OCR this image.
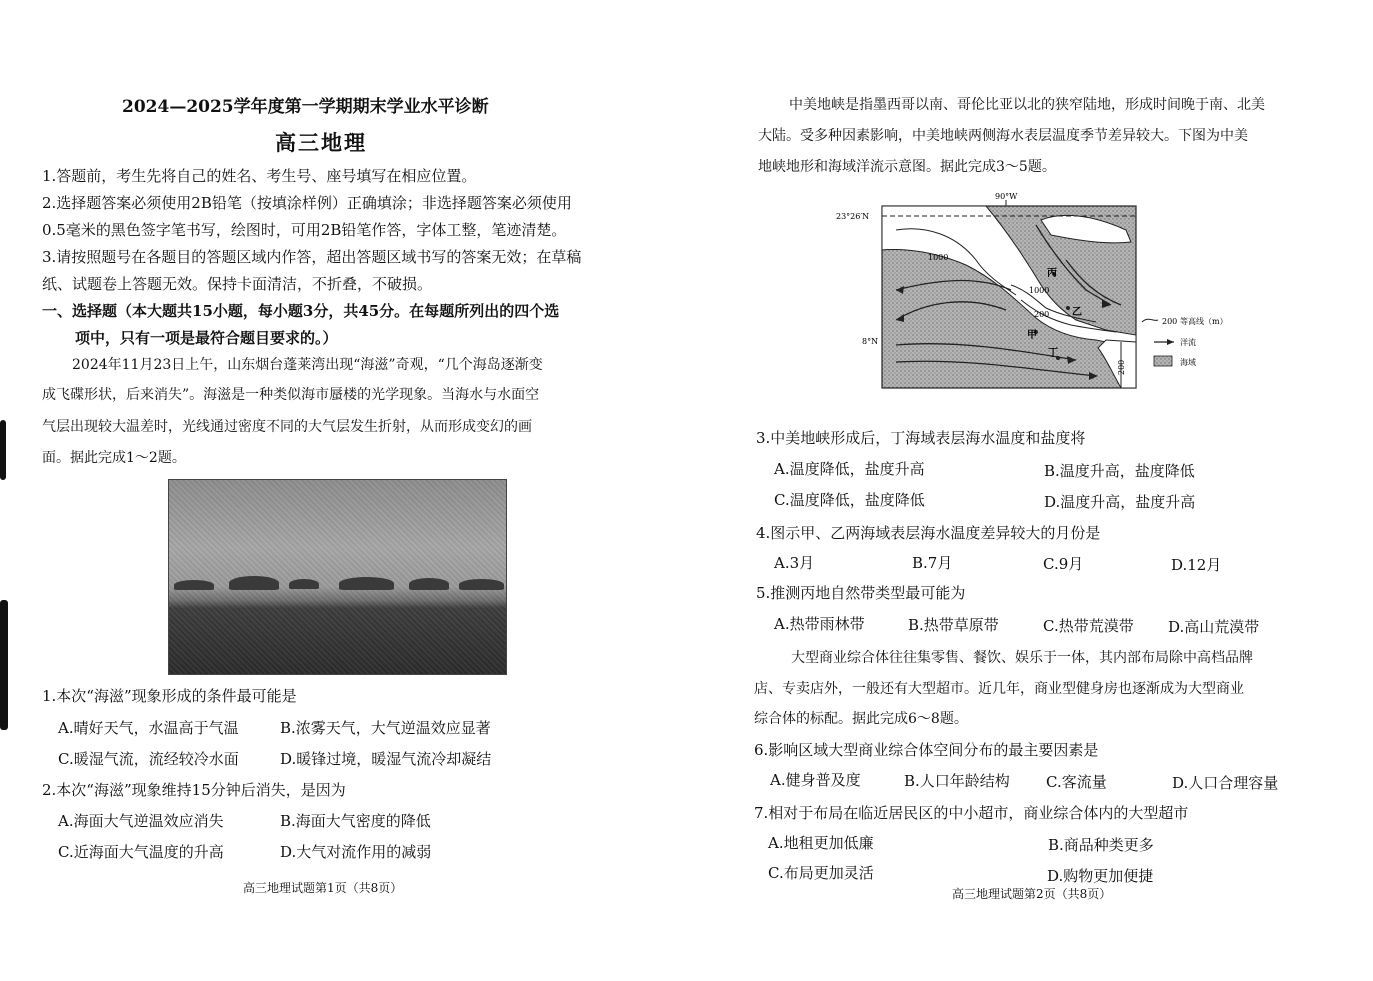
2024—2025学年度第一学期期末学业水平诊断
高三地理
1.答题前，考生先将自己的姓名、考生号、座号填写在相应位置。
2.选择题答案必须使用2B铅笔（按填涂样例）正确填涂；非选择题答案必须使用
0.5毫米的黑色签字笔书写，绘图时，可用2B铅笔作答，字体工整，笔迹清楚。
3.请按照题号在各题目的答题区域内作答，超出答题区域书写的答案无效；在草稿
纸、试题卷上答题无效。保持卡面清洁，不折叠，不破损。
一、选择题（本大题共15小题，每小题3分，共45分。在每题所列出的四个选
项中，只有一项是最符合题目要求的。）
2024年11月23日上午，山东烟台蓬莱湾出现“海滋”奇观，“几个海岛逐渐变
成飞碟形状，后来消失”。海滋是一种类似海市蜃楼的光学现象。当海水与水面空
气层出现较大温差时，光线通过密度不同的大气层发生折射，从而形成变幻的画
面。据此完成1～2题。
1.本次“海滋”现象形成的条件最可能是
A.晴好天气，水温高于气温	B.浓雾天气，大气逆温效应显著
C.暖湿气流，流经较冷水面	D.暖锋过境，暖湿气流冷却凝结
2.本次“海滋”现象维持15分钟后消失，是因为
A.海面大气逆温效应消失	B.海面大气密度的降低
C.近海面大气温度的升高	D.大气对流作用的减弱
高三地理试题第1页（共8页）
中美地峡是指墨西哥以南、哥伦比亚以北的狭窄陆地，形成时间晚于南、北美
大陆。受多种因素影响，中美地峡两侧海水表层温度季节差异较大。下图为中美
地峡地形和海域洋流示意图。据此完成3～5题。
90°W
23°26′N
8°N
1000
1000
200
200
丙
乙
甲
丁
200 等高线（m）
洋流
海域
3.中美地峡形成后，丁海域表层海水温度和盐度将
A.温度降低，盐度升高	B.温度升高，盐度降低
C.温度降低，盐度降低	D.温度升高，盐度升高
4.图示甲、乙两海域表层海水温度差异较大的月份是
A.3月	B.7月	C.9月	D.12月
5.推测丙地自然带类型最可能为
A.热带雨林带	B.热带草原带	C.热带荒漠带 D.高山荒漠带
大型商业综合体往往集零售、餐饮、娱乐于一体，其内部布局除中高档品牌
店、专卖店外，一般还有大型超市。近几年，商业型健身房也逐渐成为大型商业
综合体的标配。据此完成6～8题。
6.影响区域大型商业综合体空间分布的最主要因素是
A.健身普及度	B.人口年龄结构 C.客流量	D.人口合理容量
7.相对于布局在临近居民区的中小超市，商业综合体内的大型超市
A.地租更加低廉	B.商品种类更多
C.布局更加灵活	D.购物更加便捷
高三地理试题第2页（共8页）
